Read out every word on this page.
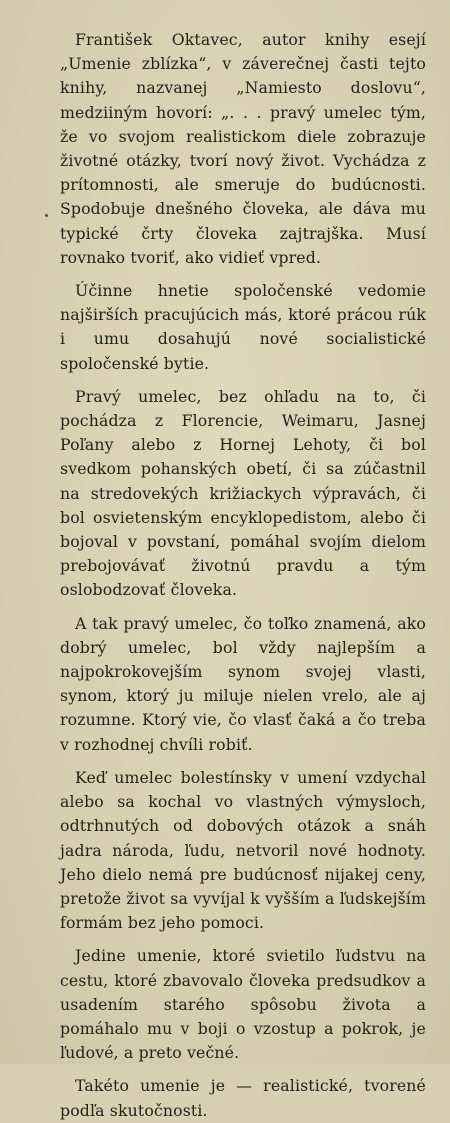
František Oktavec, autor knihy esejí „Umenie zblízka“, v záverečnej časti tejto knihy, nazvanej „Namiesto doslovu“, medziiným hovorí: „. . . pravý umelec tým, že vo svojom realistickom diele zobrazuje životné otázky, tvorí nový život. Vychádza z prítomnosti, ale smeruje do budúcnosti. Spodobuje dnešného človeka, ale dáva mu typické črty človeka zajtrajška. Musí rovnako tvoriť, ako vidieť vpred.

Účinne hnetie spoločenské vedomie najširších pracujúcich más, ktoré prácou rúk i umu dosahujú nové socialistické spoločenské bytie.

Pravý umelec, bez ohľadu na to, či pochádza z Florencie, Weimaru, Jasnej Poľany alebo z Hornej Lehoty, či bol svedkom pohanských obetí, či sa zúčastnil na stredovekých križiackych výpravách, či bol osvietenským encyklopedistom, alebo či bojoval v povstaní, pomáhal svojím dielom prebojovávať životnú pravdu a tým oslobodzovať človeka.

A tak pravý umelec, čo toľko znamená, ako dobrý umelec, bol vždy najlepším a najpokrokovejším synom svojej vlasti, synom, ktorý ju miluje nielen vrelo, ale aj rozumne. Ktorý vie, čo vlasť čaká a čo treba v rozhodnej chvíli robiť.

Keď umelec bolestínsky v umení vzdychal alebo sa kochal vo vlastných výmysloch, odtrhnutých od dobových otázok a snáh jadra národa, ľudu, netvoril nové hodnoty. Jeho dielo nemá pre budúcnosť nijakej ceny, pretože život sa vyvíjal k vyšším a ľudskejším formám bez jeho pomoci.

Jedine umenie, ktoré svietilo ľudstvu na cestu, ktoré zbavovalo človeka predsudkov a usadením starého spôsobu života a pomáhalo mu v boji o vzostup a pokrok, je ľudové, a preto večné.

Takéto umenie je — realistické, tvorené podľa skutočnosti.
